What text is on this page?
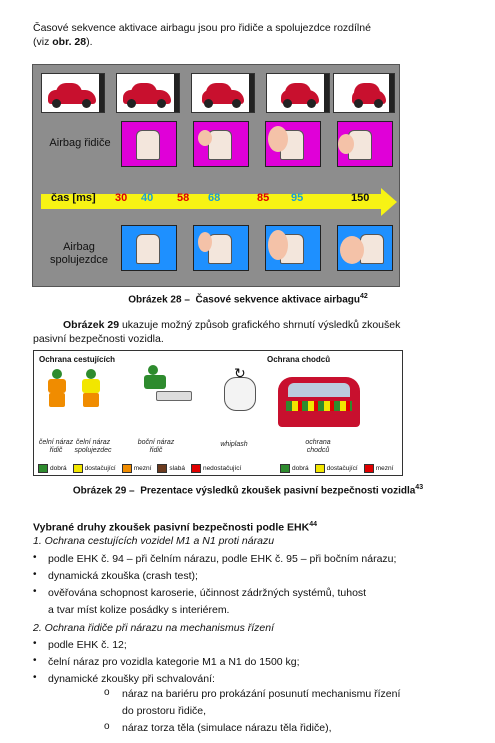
Časové sekvence aktivace airbagu jsou pro řidiče a spolujezdce rozdílné
(viz obr. 28).
Airbag řidiče
čas [ms] 30 40 58 68	85 95	150
Airbag spolujezdce
Obrázek 28 – Časové sekvence aktivace airbagu$^{42}$
Obrázek 29 ukazuje možný způsob grafického shrnutí výsledků zkoušek
pasivní bezpečnosti vozidla.
Ochrana cestujících	Ochrana chodců
↻
čelní náraz řidič
čelní náraz spolujezdec
boční náraz řidič
whiplash	ochrana chodců
dobrá	dostačující	mezní	slabá	nedostačující	dobrá	dostačující	mezní
Obrázek 29 – Prezentace výsledků zkoušek pasivní bezpečnosti vozidla$^{43}$
Vybrané druhy zkoušek pasivní bezpečnosti podle EHK$^{44}$
1. Ochrana cestujících vozidel M1 a N1 proti nárazu
• podle EHK č. 94 – při čelním nárazu, podle EHK č. 95 – při bočním nárazu;
• dynamická zkouška (crash test);
• ověřována schopnost karoserie, účinnost zádržných systémů, tuhost
a tvar míst kolize posádky s interiérem.
2. Ochrana řidiče při nárazu na mechanismus řízení
• podle EHK č. 12;
• čelní náraz pro vozidla kategorie M1 a N1 do 1500 kg;
• dynamické zkoušky při schvalování:
o náraz na bariéru pro prokázání posunutí mechanismu řízení
do prostoru řidiče,
o náraz torza těla (simulace nárazu těla řidiče),
